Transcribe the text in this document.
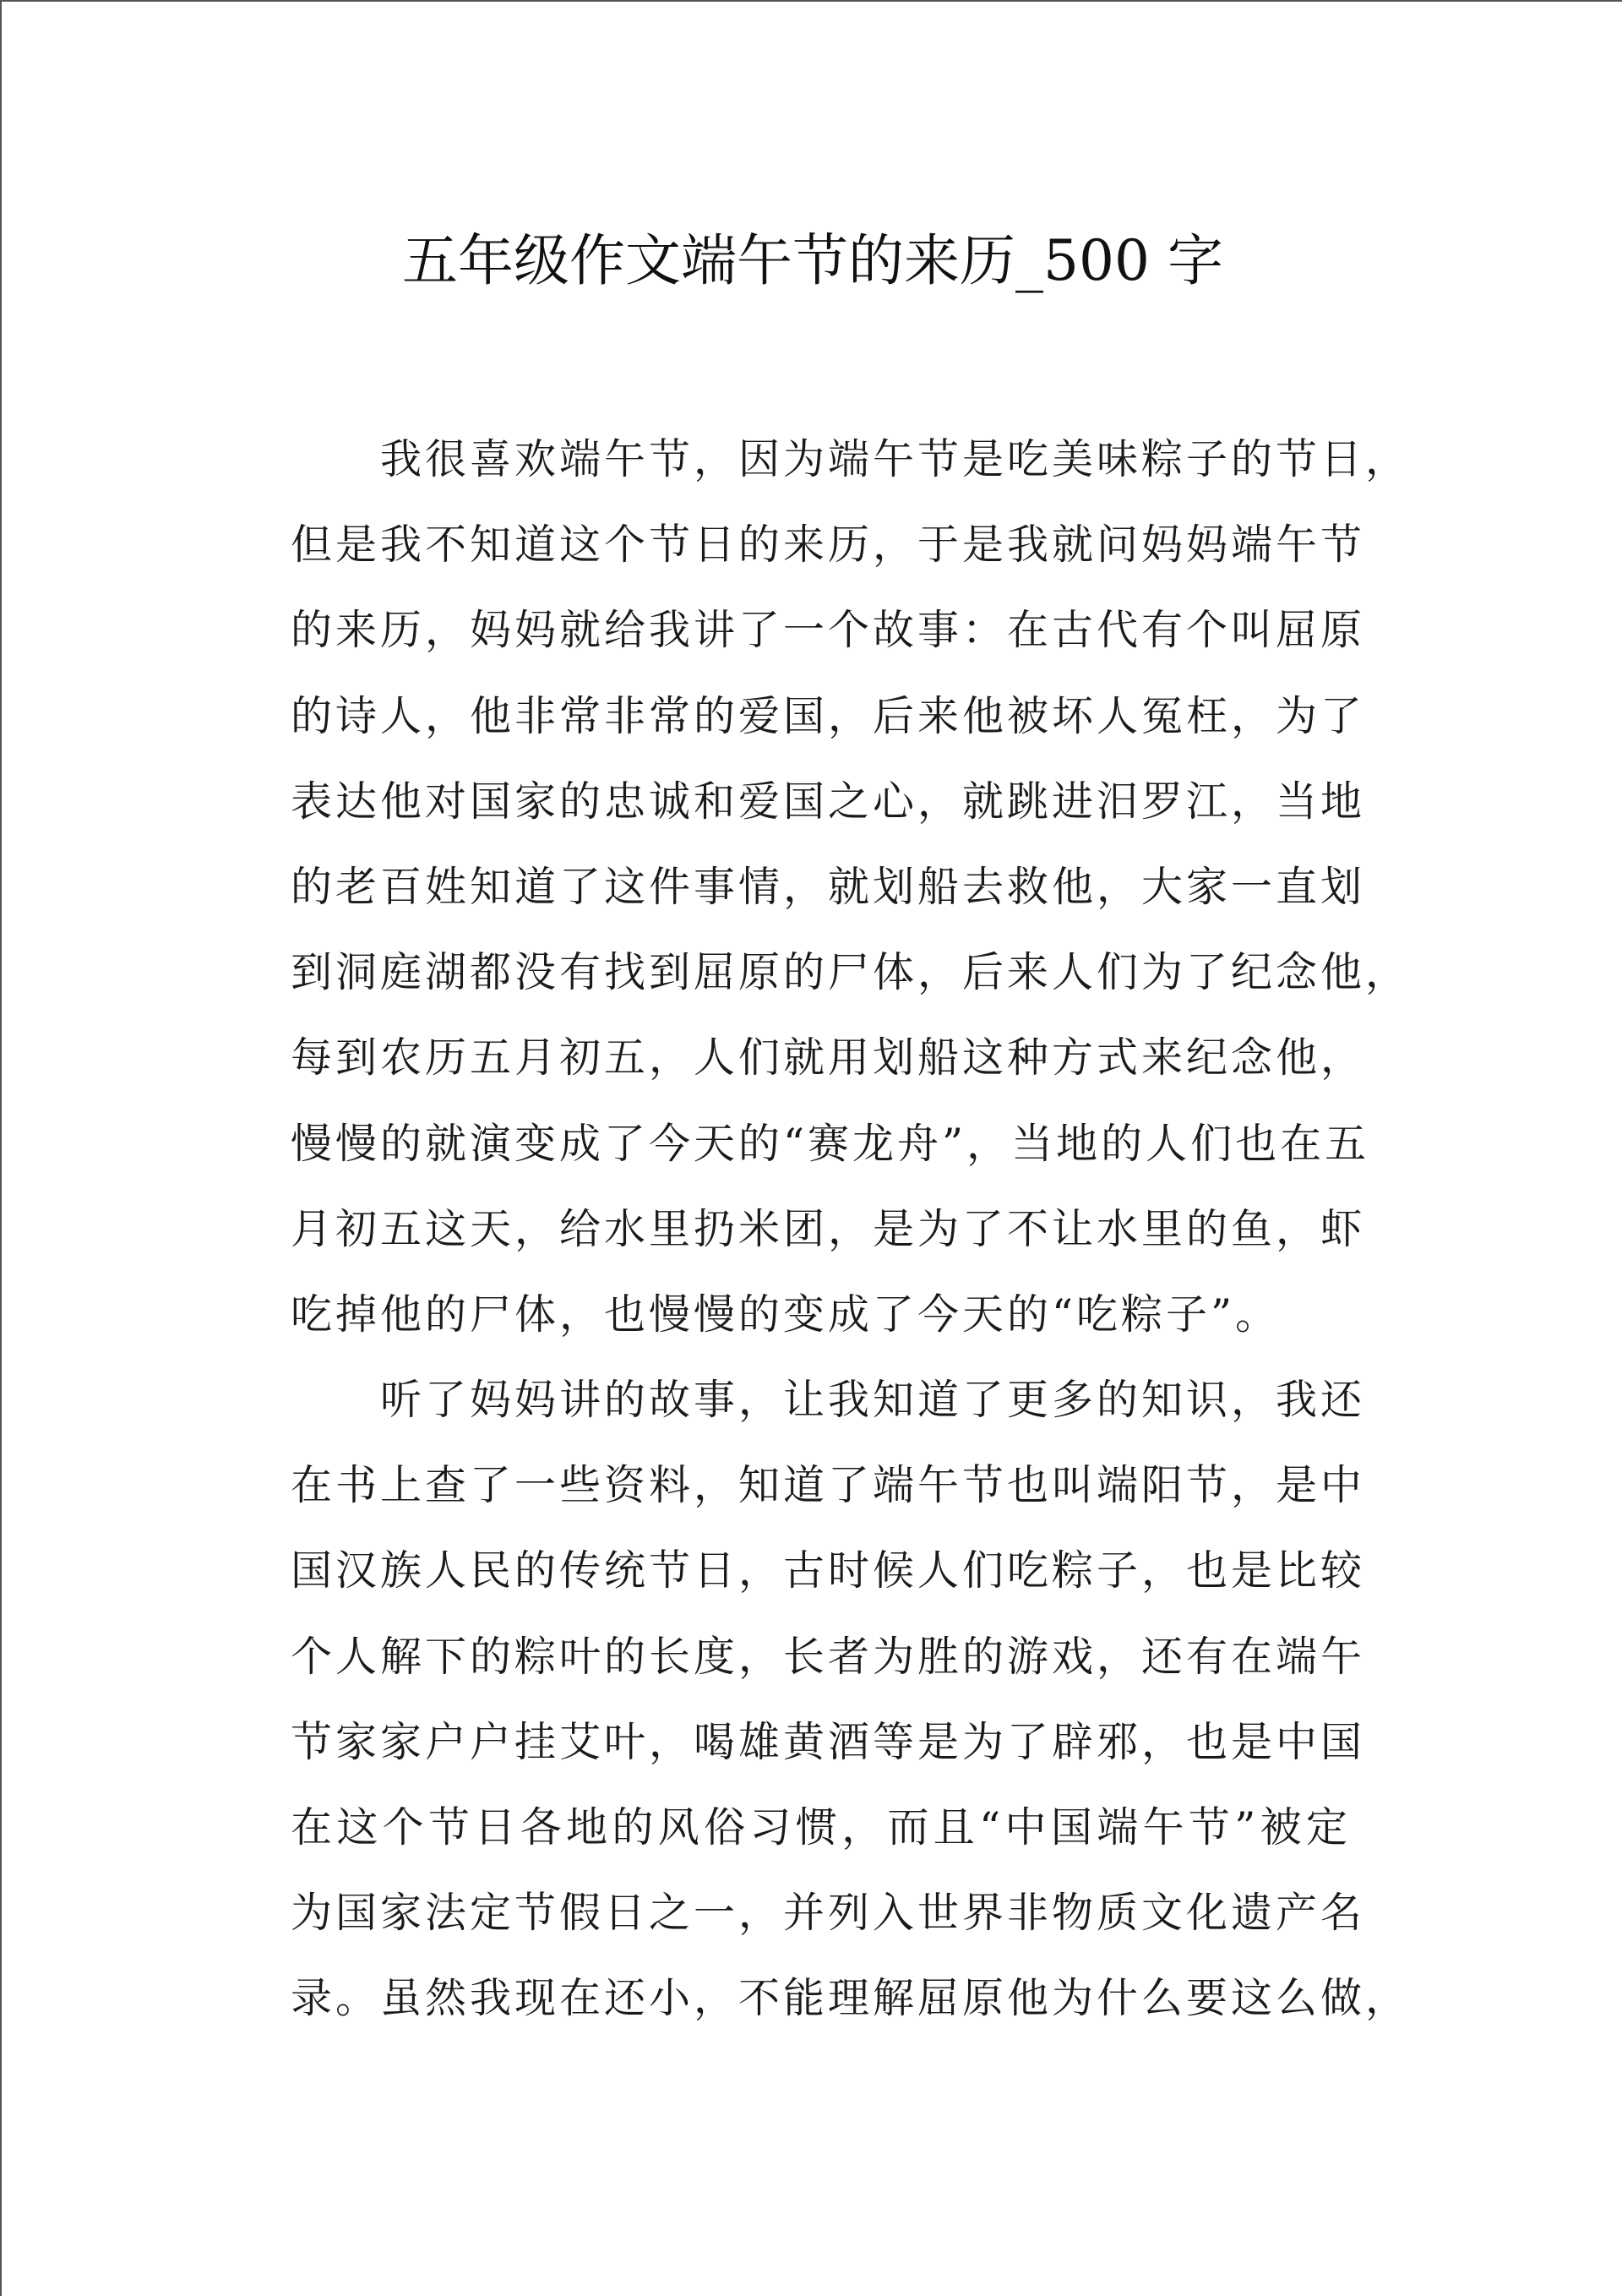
五年级作文端午节的来历_500 字
　　我很喜欢端午节，因为端午节是吃美味粽子的节日，
但是我不知道这个节日的来历，于是我就问妈妈端午节
的来历，妈妈就给我讲了一个故事：在古代有个叫屈原
的诗人，他非常非常的爱国，后来他被坏人冤枉，为了
表达他对国家的忠诚和爱国之心，就跳进汨罗江，当地
的老百姓知道了这件事情，就划船去救他，大家一直划
到洞庭湖都没有找到屈原的尸体，后来人们为了纪念他，
每到农历五月初五，人们就用划船这种方式来纪念他，
慢慢的就演变成了今天的“赛龙舟”，当地的人们也在五
月初五这天，给水里扔米团，是为了不让水里的鱼，虾
吃掉他的尸体，也慢慢的变成了今天的“吃粽子”。
　　听了妈妈讲的故事，让我知道了更多的知识，我还
在书上查了一些资料，知道了端午节也叫端阳节，是中
国汉族人民的传统节日，古时候人们吃粽子，也是比较
个人解下的粽叶的长度，长者为胜的游戏，还有在端午
节家家户户挂艾叶，喝雄黄酒等是为了辟邪，也是中国
在这个节日各地的风俗习惯，而且“中国端午节”被定
为国家法定节假日之一，并列入世界非物质文化遗产名
录。虽然我现在还小，不能理解屈原他为什么要这么做，
